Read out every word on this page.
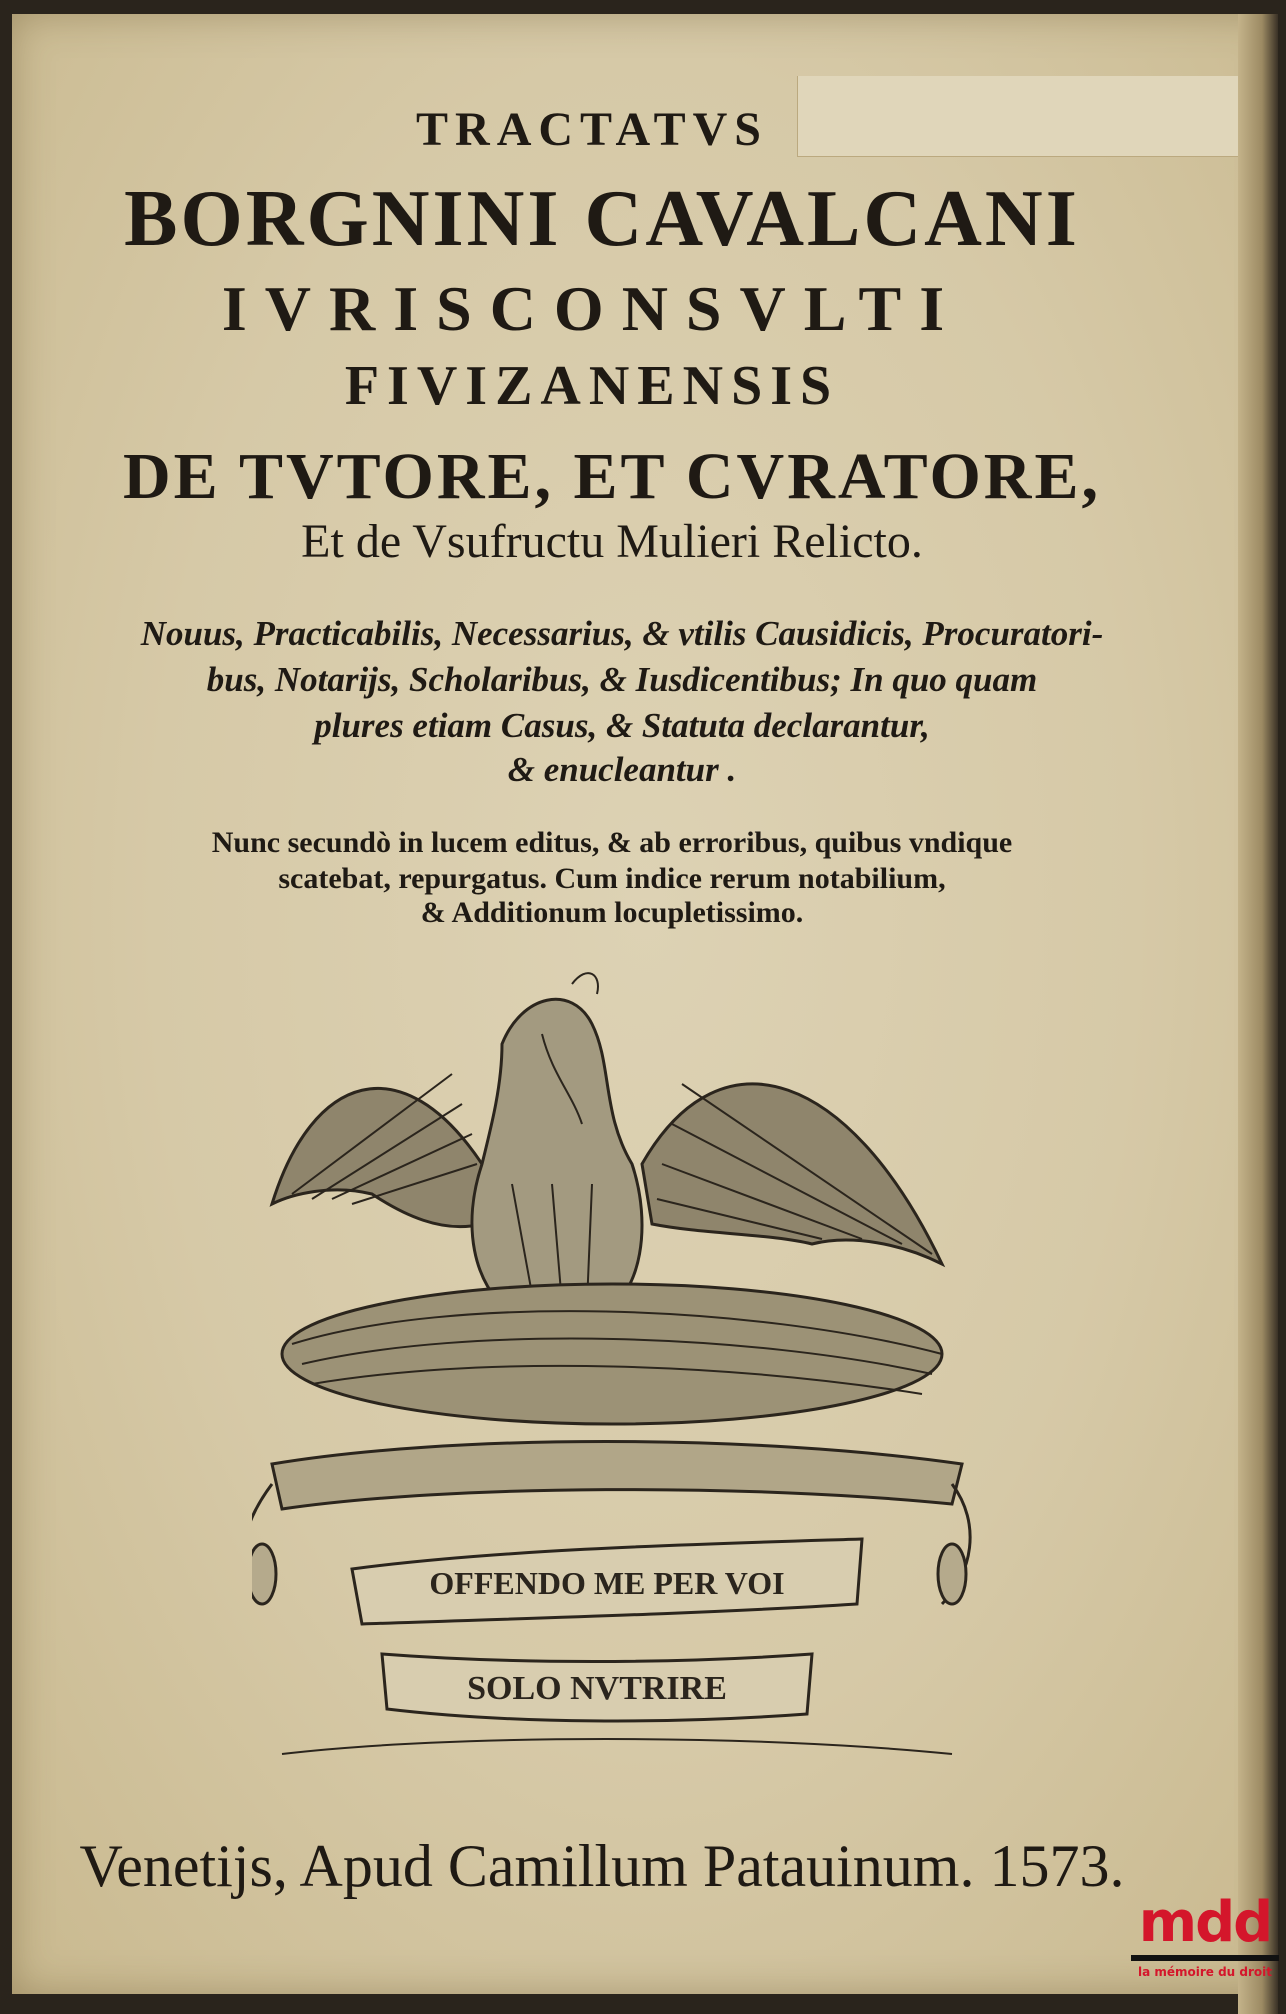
TRACTATVS
BORGNINI CAVALCANI
IVRISCONSVLTI
FIVIZANENSIS
DE TVTORE, ET CVRATORE,
Et de Vsufructu Mulieri Relicto.
Nouus, Practicabilis, Necessarius, & vtilis Causidicis, Procuratori-
bus, Notarijs, Scholaribus, & Iusdicentibus; In quo quam
plures etiam Casus, & Statuta declarantur,
& enucleantur .
Nunc secundò in lucem editus, & ab erroribus, quibus vndique
scatebat, repurgatus. Cum indice rerum notabilium,
& Additionum locupletissimo.
OFFENDO ME PER VOI
SOLO NVTRIRE
Venetijs, Apud Camillum Patauinum. 1573.
mdd
la mémoire du droit
